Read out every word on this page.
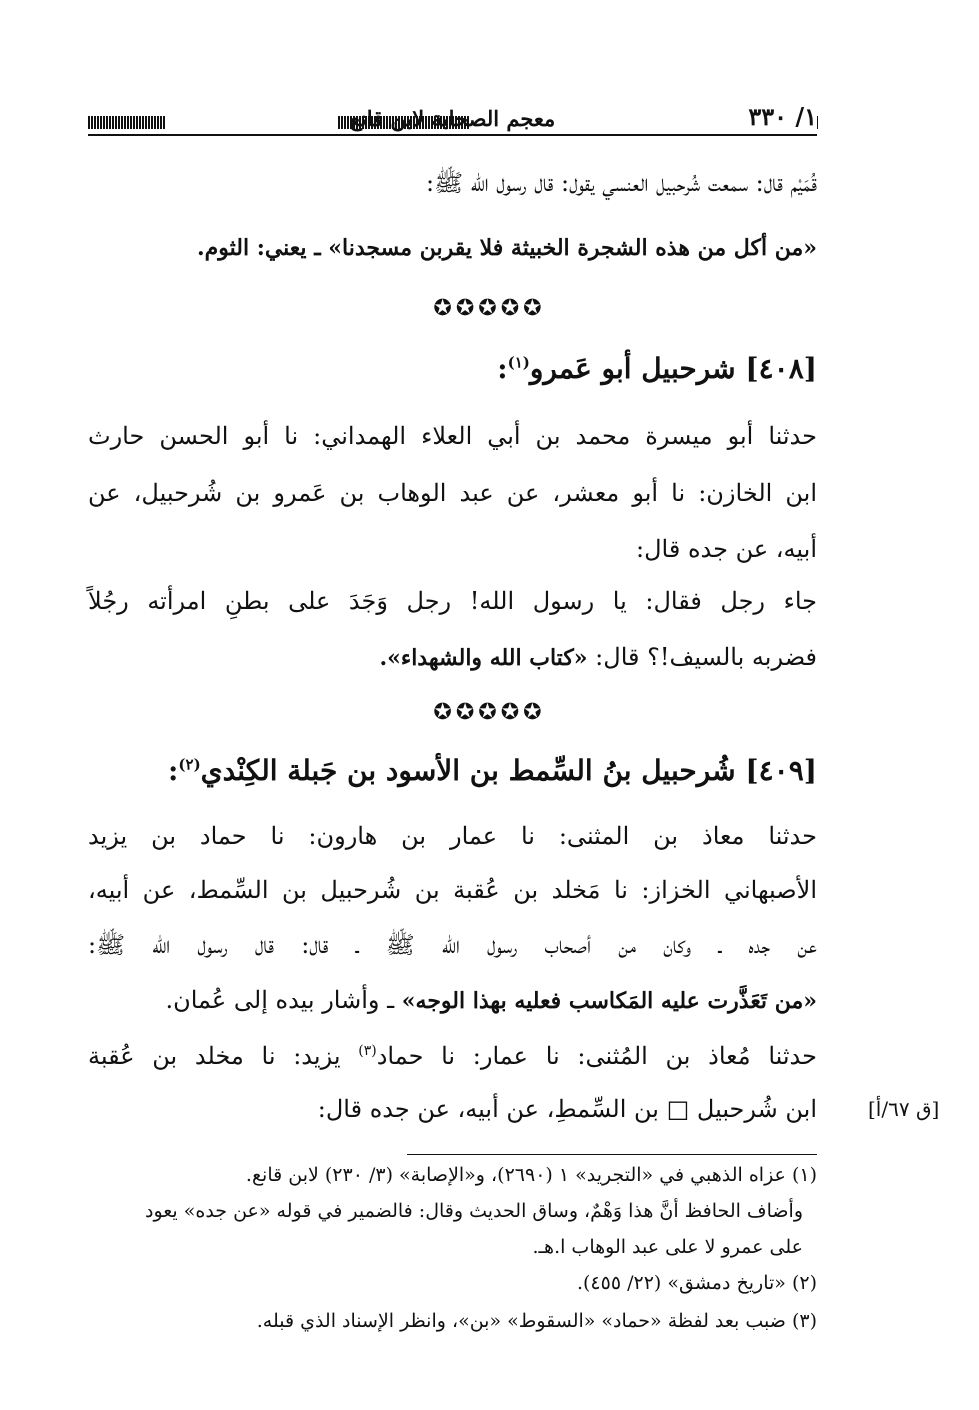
١/ ٣٣٠
معجم الصحابة لابن قانع
قُمَيْم قال: سمعت شُرحبيل العنسي يقول: قال رسول الله ﷺ:
«من أكل من هذه الشجرة الخبيثة فلا يقربن مسجدنا» ـ يعني: الثوم.
✪✪✪✪✪
[٤٠٨] شرحبيل أبو عَمرو$^{(١)}$:
حدثنا أبو ميسرة محمد بن أبي العلاء الهمداني: نا أبو الحسن حارث
ابن الخازن: نا أبو معشر، عن عبد الوهاب بن عَمرو بن شُرحبيل، عن
أبيه، عن جده قال:
جاء رجل فقال: يا رسول الله! رجل وَجَدَ على بطنِ امرأته رجُلاً
فضربه بالسيف!؟ قال: «كتاب الله والشهداء».
✪✪✪✪✪
[٤٠٩] شُرحبيل بنُ السِّمط بن الأسود بن جَبلة الكِنْدي$^{(٢)}$:
حدثنا معاذ بن المثنى: نا عمار بن هارون: نا حماد بن يزيد
الأصبهاني الخزاز: نا مَخلد بن عُقبة بن شُرحبيل بن السِّمط، عن أبيه،
عن جده ـ وكان من أصحاب رسول الله ﷺ ـ قال: قال رسول الله ﷺ:
«من تَعَذَّرت عليه المَكاسب فعليه بهذا الوجه» ـ وأشار بيده إلى عُمان.
حدثنا مُعاذ بن المُثنى: نا عمار: نا حماد$^{(٣)}$ يزيد: نا مخلد بن عُقبة
ابن شُرحبيل □ بن السِّمطِ، عن أبيه، عن جده قال:	[ق ٦٧/أ]
(١) عزاه الذهبي في «التجريد» ١ (٢٦٩٠)، و«الإصابة» (٣/ ٢٣٠) لابن قانع.
وأضاف الحافظ أنَّ هذا وَهْمٌ، وساق الحديث وقال: فالضمير في قوله «عن جده» يعود
على عمرو لا على عبد الوهاب ا.هـ.
(٢) «تاريخ دمشق» (٢٢/ ٤٥٥).
(٣) ضبب بعد لفظة «حماد» «السقوط» «بن»، وانظر الإسناد الذي قبله.
